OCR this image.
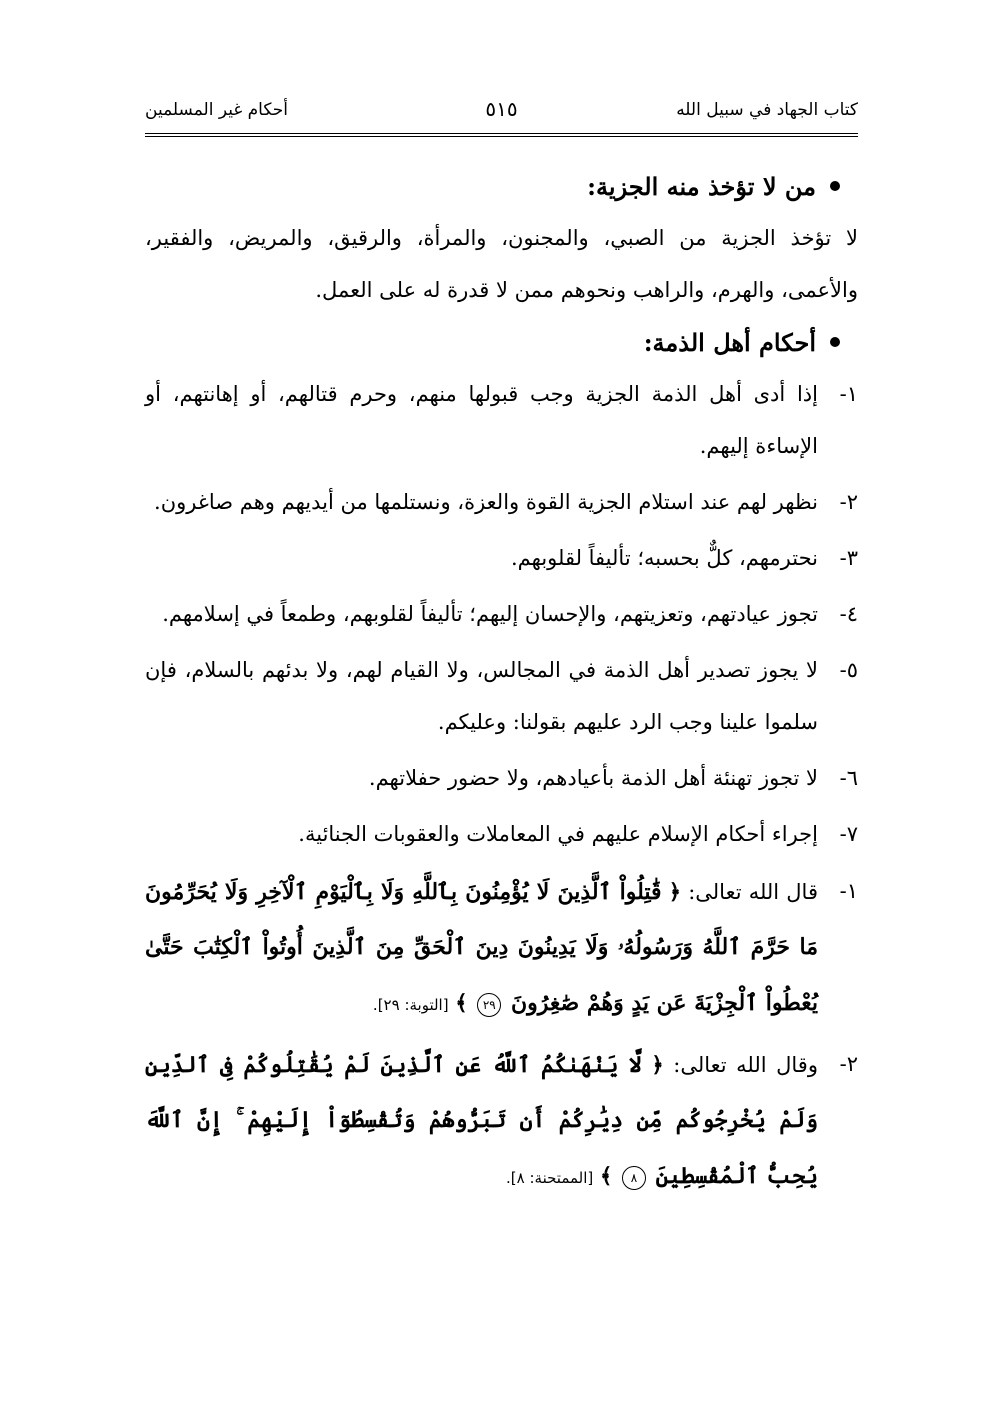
كتاب الجهاد في سبيل الله
٥١٥
أحكام غير المسلمين
من لا تؤخذ منه الجزية:
لا تؤخذ الجزية من الصبي، والمجنون، والمرأة، والرقيق، والمريض، والفقير، والأعمى، والهرم، والراهب ونحوهم ممن لا قدرة له على العمل.
أحكام أهل الذمة:
١-
إذا أدى أهل الذمة الجزية وجب قبولها منهم، وحرم قتالهم، أو إهانتهم، أو الإساءة إليهم.
٢-
نظهر لهم عند استلام الجزية القوة والعزة، ونستلمها من أيديهم وهم صاغرون.
٣-
نحترمهم، كلٌّ بحسبه؛ تأليفاً لقلوبهم.
٤-
تجوز عيادتهم، وتعزيتهم، والإحسان إليهم؛ تأليفاً لقلوبهم، وطمعاً في إسلامهم.
٥-
لا يجوز تصدير أهل الذمة في المجالس، ولا القيام لهم، ولا بدئهم بالسلام، فإن سلموا علينا وجب الرد عليهم بقولنا: وعليكم.
٦-
لا تجوز تهنئة أهل الذمة بأعيادهم، ولا حضور حفلاتهم.
٧-
إجراء أحكام الإسلام عليهم في المعاملات والعقوبات الجنائية.
١-
قال الله تعالى: ﴿ قَٰتِلُواْ ٱلَّذِينَ لَا يُؤْمِنُونَ بِٱللَّهِ وَلَا بِٱلْيَوْمِ ٱلْآخِرِ وَلَا يُحَرِّمُونَ مَا حَرَّمَ ٱللَّهُ وَرَسُولُهُۥ وَلَا يَدِينُونَ دِينَ ٱلْحَقِّ مِنَ ٱلَّذِينَ أُوتُواْ ٱلْكِتَٰبَ حَتَّىٰ يُعْطُواْ ٱلْجِزْيَةَ عَن يَدٍ وَهُمْ صَٰغِرُونَ ٢٩ ﴾ [التوبة: ٢٩].
٢-
وقال الله تعالى: ﴿ لَّا يَنْهَىٰكُمُ ٱللَّهُ عَنِ ٱلَّذِينَ لَمْ يُقَٰتِلُوكُمْ فِى ٱلدِّينِ وَلَمْ يُخْرِجُوكُم مِّن دِيَٰرِكُمْ أَن تَبَرُّوهُمْ وَتُقْسِطُوٓاْ إِلَيْهِمْ ۚ إِنَّ ٱللَّهَ يُحِبُّ ٱلْمُقْسِطِينَ ٨ ﴾ [الممتحنة: ٨].
